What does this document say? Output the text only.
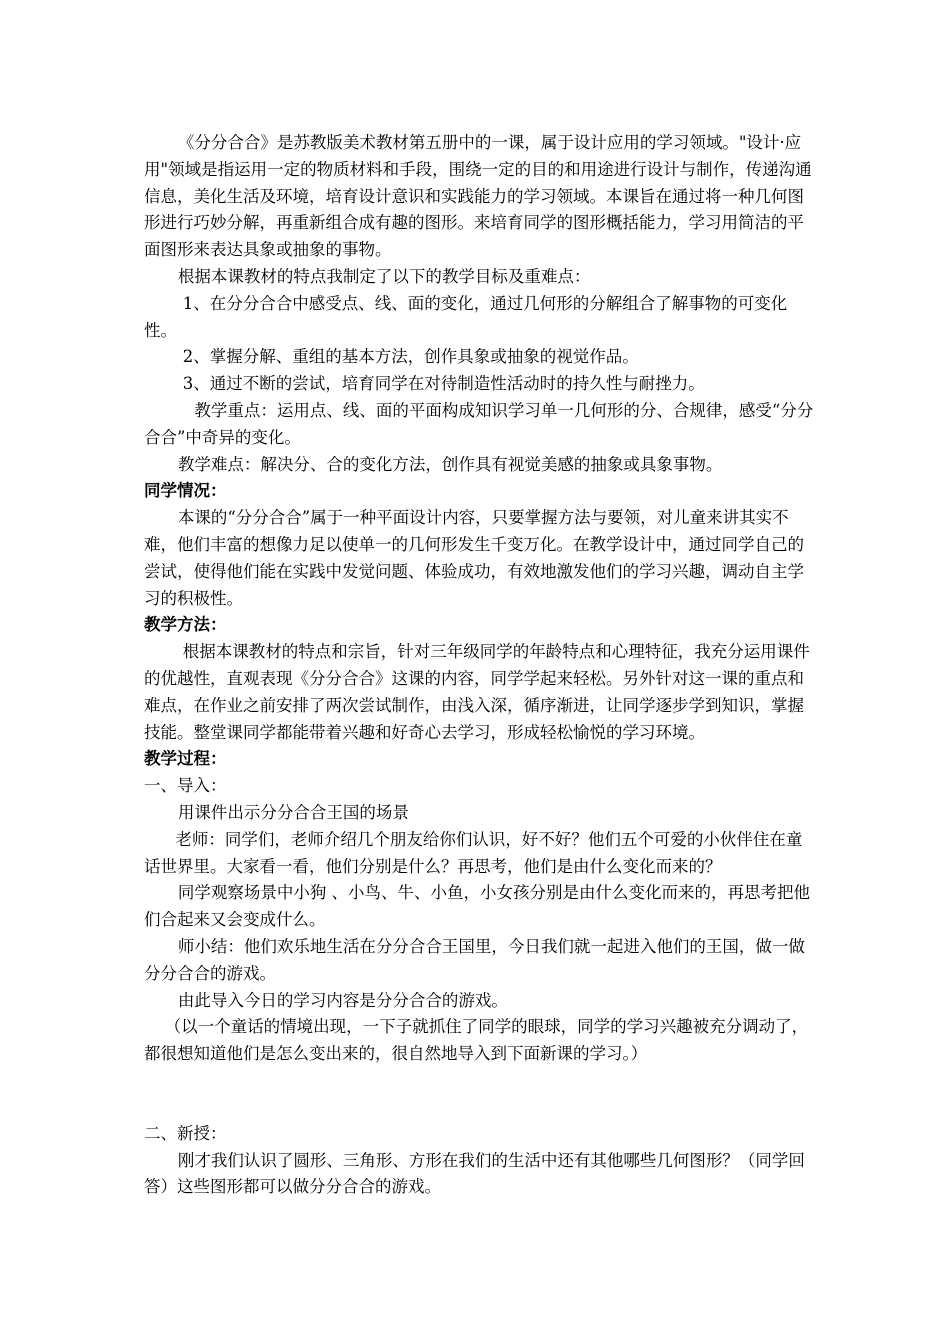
《分分合合》是苏教版美术教材第五册中的一课，属于设计应用的学习领域。"设计·应用"领域是指运用一定的物质材料和手段，围绕一定的目的和用途进行设计与制作，传递沟通信息，美化生活及环境，培育设计意识和实践能力的学习领域。本课旨在通过将一种几何图形进行巧妙分解，再重新组合成有趣的图形。来培育同学的图形概括能力，学习用简洁的平面图形来表达具象或抽象的事物。

根据本课教材的特点我制定了以下的教学目标及重难点：

1、在分分合合中感受点、线、面的变化，通过几何形的分解组合了解事物的可变化性。

2、掌握分解、重组的基本方法，创作具象或抽象的视觉作品。

3、通过不断的尝试，培育同学在对待制造性活动时的持久性与耐挫力。

教学重点：运用点、线、面的平面构成知识学习单一几何形的分、合规律，感受“分分合合”中奇异的变化。

教学难点：解决分、合的变化方法，创作具有视觉美感的抽象或具象事物。

同学情况：

本课的“分分合合”属于一种平面设计内容，只要掌握方法与要领，对儿童来讲其实不难，他们丰富的想像力足以使单一的几何形发生千变万化。在教学设计中，通过同学自己的尝试，使得他们能在实践中发觉问题、体验成功，有效地激发他们的学习兴趣，调动自主学习的积极性。

教学方法：

根据本课教材的特点和宗旨，针对三年级同学的年龄特点和心理特征，我充分运用课件的优越性，直观表现《分分合合》这课的内容，同学学起来轻松。另外针对这一课的重点和难点，在作业之前安排了两次尝试制作，由浅入深，循序渐进，让同学逐步学到知识，掌握技能。整堂课同学都能带着兴趣和好奇心去学习，形成轻松愉悦的学习环境。

教学过程：

一、导入：

用课件出示分分合合王国的场景

老师：同学们，老师介绍几个朋友给你们认识，好不好？他们五个可爱的小伙伴住在童话世界里。大家看一看，他们分别是什么？再思考，他们是由什么变化而来的？

同学观察场景中小狗 、小鸟、牛、小鱼，小女孩分别是由什么变化而来的，再思考把他们合起来又会变成什么。

师小结：他们欢乐地生活在分分合合王国里，今日我们就一起进入他们的王国，做一做分分合合的游戏。

由此导入今日的学习内容是分分合合的游戏。

（以一个童话的情境出现，一下子就抓住了同学的眼球，同学的学习兴趣被充分调动了，都很想知道他们是怎么变出来的，很自然地导入到下面新课的学习。）

二、新授：

刚才我们认识了圆形、三角形、方形在我们的生活中还有其他哪些几何图形？（同学回答）这些图形都可以做分分合合的游戏。
